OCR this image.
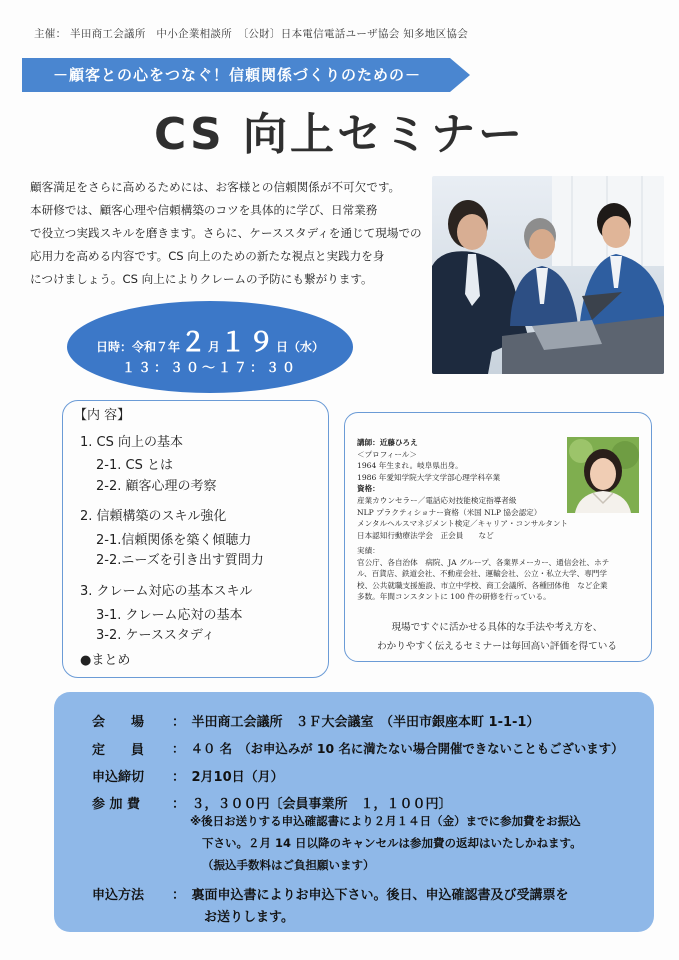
主催： 半田商工会議所　中小企業相談所　〔公財〕日本電信電話ユーザ協会 知多地区協会
－顧客との心をつなぐ！信頼関係づくりのための－
CS 向上セミナー
顧客満足をさらに高めるためには、お客様との信頼関係が不可欠です。
本研修では、顧客心理や信頼構築のコツを具体的に学び、日常業務
で役立つ実践スキルを磨きます。さらに、ケーススタディを通じて現場での
応用力を高める内容です。CS 向上のための新たな視点と実践力を身
につけましょう。CS 向上によりクレームの予防にも繋がります。
日時：令和７年２月１９日（水）
１３：３０～１７：３０
【内 容】
1. CS 向上の基本
2-1. CS とは
2-2. 顧客心理の考察
2. 信頼構築のスキル強化
2-1.信頼関係を築く傾聴力
2-2.ニーズを引き出す質問力
3. クレーム対応の基本スキル
3-1. クレーム応対の基本
3-2. ケーススタディ
●まとめ
講師：近藤ひろえ
＜プロフィール＞
1964 年生まれ。岐阜県出身。
1986 年愛知学院大学文学部心理学科卒業
資格：
産業カウンセラー／電話応対技能検定指導者級
NLP プラクティショナー資格（米国 NLP 協会認定）
メンタルヘルスマネジメント検定／キャリア・コンサルタント
日本認知行動療法学会　正会員　　など
実績：
官公庁、各自治体　病院、JA グループ、各業界メーカー、通信会社、ホテ
ル、百貨店、鉄道会社、不動産会社、運輸会社、公立・私立大学、専門学
校、公共就職支援施設、市立中学校、商工会議所、各種団体他　など企業
多数。年間コンスタントに 100 件の研修を行っている。
現場ですぐに活かせる具体的な手法や考え方を、
わかりやすく伝えるセミナーは毎回高い評価を得ている
会　　場 ：　半田商工会議所　３Ｆ大会議室　（半田市銀座本町 1-1-1）
定　　員 ：　４０ 名　（お申込みが 10 名に満たない場合開催できないこともございます）
申込締切 ：　2月10日（月）
参 加 費 ：　３，３００円〔会員事業所　１，１００円〕
※後日お送りする申込確認書により２月１４日（金）までに参加費をお振込
下さい。２月 14 日以降のキャンセルは参加費の返却はいたしかねます。
（振込手数料はご負担願います）
申込方法 ：　裏面申込書によりお申込下さい。後日、申込確認書及び受講票を
お送りします。
